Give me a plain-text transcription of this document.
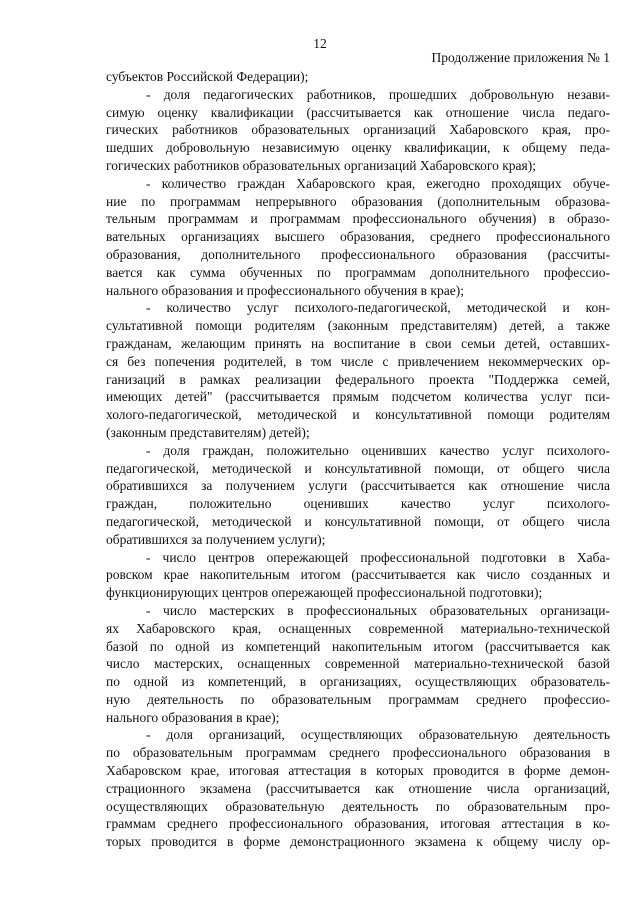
12
Продолжение приложения № 1
субъектов Российской Федерации);
- доля педагогических работников, прошедших добровольную незави-
симую оценку квалификации (рассчитывается как отношение числа педаго-
гических работников образовательных организаций Хабаровского края, про-
шедших добровольную независимую оценку квалификации, к общему педа-
гогических работников образовательных организаций Хабаровского края);
- количество граждан Хабаровского края, ежегодно проходящих обуче-
ние по программам непрерывного образования (дополнительным образова-
тельным программам и программам профессионального обучения) в образо-
вательных организациях высшего образования, среднего профессионального
образования, дополнительного профессионального образования (рассчиты-
вается как сумма обученных по программам дополнительного профессио-
нального образования и профессионального обучения в крае);
- количество услуг психолого-педагогической, методической и кон-
сультативной помощи родителям (законным представителям) детей, а также
гражданам, желающим принять на воспитание в свои семьи детей, оставших-
ся без попечения родителей, в том числе с привлечением некоммерческих ор-
ганизаций в рамках реализации федерального проекта "Поддержка семей,
имеющих детей" (рассчитывается прямым подсчетом количества услуг пси-
холого-педагогической, методической и консультативной помощи родителям
(законным представителям) детей);
- доля граждан, положительно оценивших качество услуг психолого-
педагогической, методической и консультативной помощи, от общего числа
обратившихся за получением услуги (рассчитывается как отношение числа
граждан, положительно оценивших качество услуг психолого-
педагогической, методической и консультативной помощи, от общего числа
обратившихся за получением услуги);
- число центров опережающей профессиональной подготовки в Хаба-
ровском крае накопительным итогом (рассчитывается как число созданных и
функционирующих центров опережающей профессиональной подготовки);
- число мастерских в профессиональных образовательных организаци-
ях Хабаровского края, оснащенных современной материально-технической
базой по одной из компетенций накопительным итогом (рассчитывается как
число мастерских, оснащенных современной материально-технической базой
по одной из компетенций, в организациях, осуществляющих образователь-
ную деятельность по образовательным программам среднего профессио-
нального образования в крае);
- доля организаций, осуществляющих образовательную деятельность
по образовательным программам среднего профессионального образования в
Хабаровском крае, итоговая аттестация в которых проводится в форме демон-
страционного экзамена (рассчитывается как отношение числа организаций,
осуществляющих образовательную деятельность по образовательным про-
граммам среднего профессионального образования, итоговая аттестация в ко-
торых проводится в форме демонстрационного экзамена к общему числу ор-
